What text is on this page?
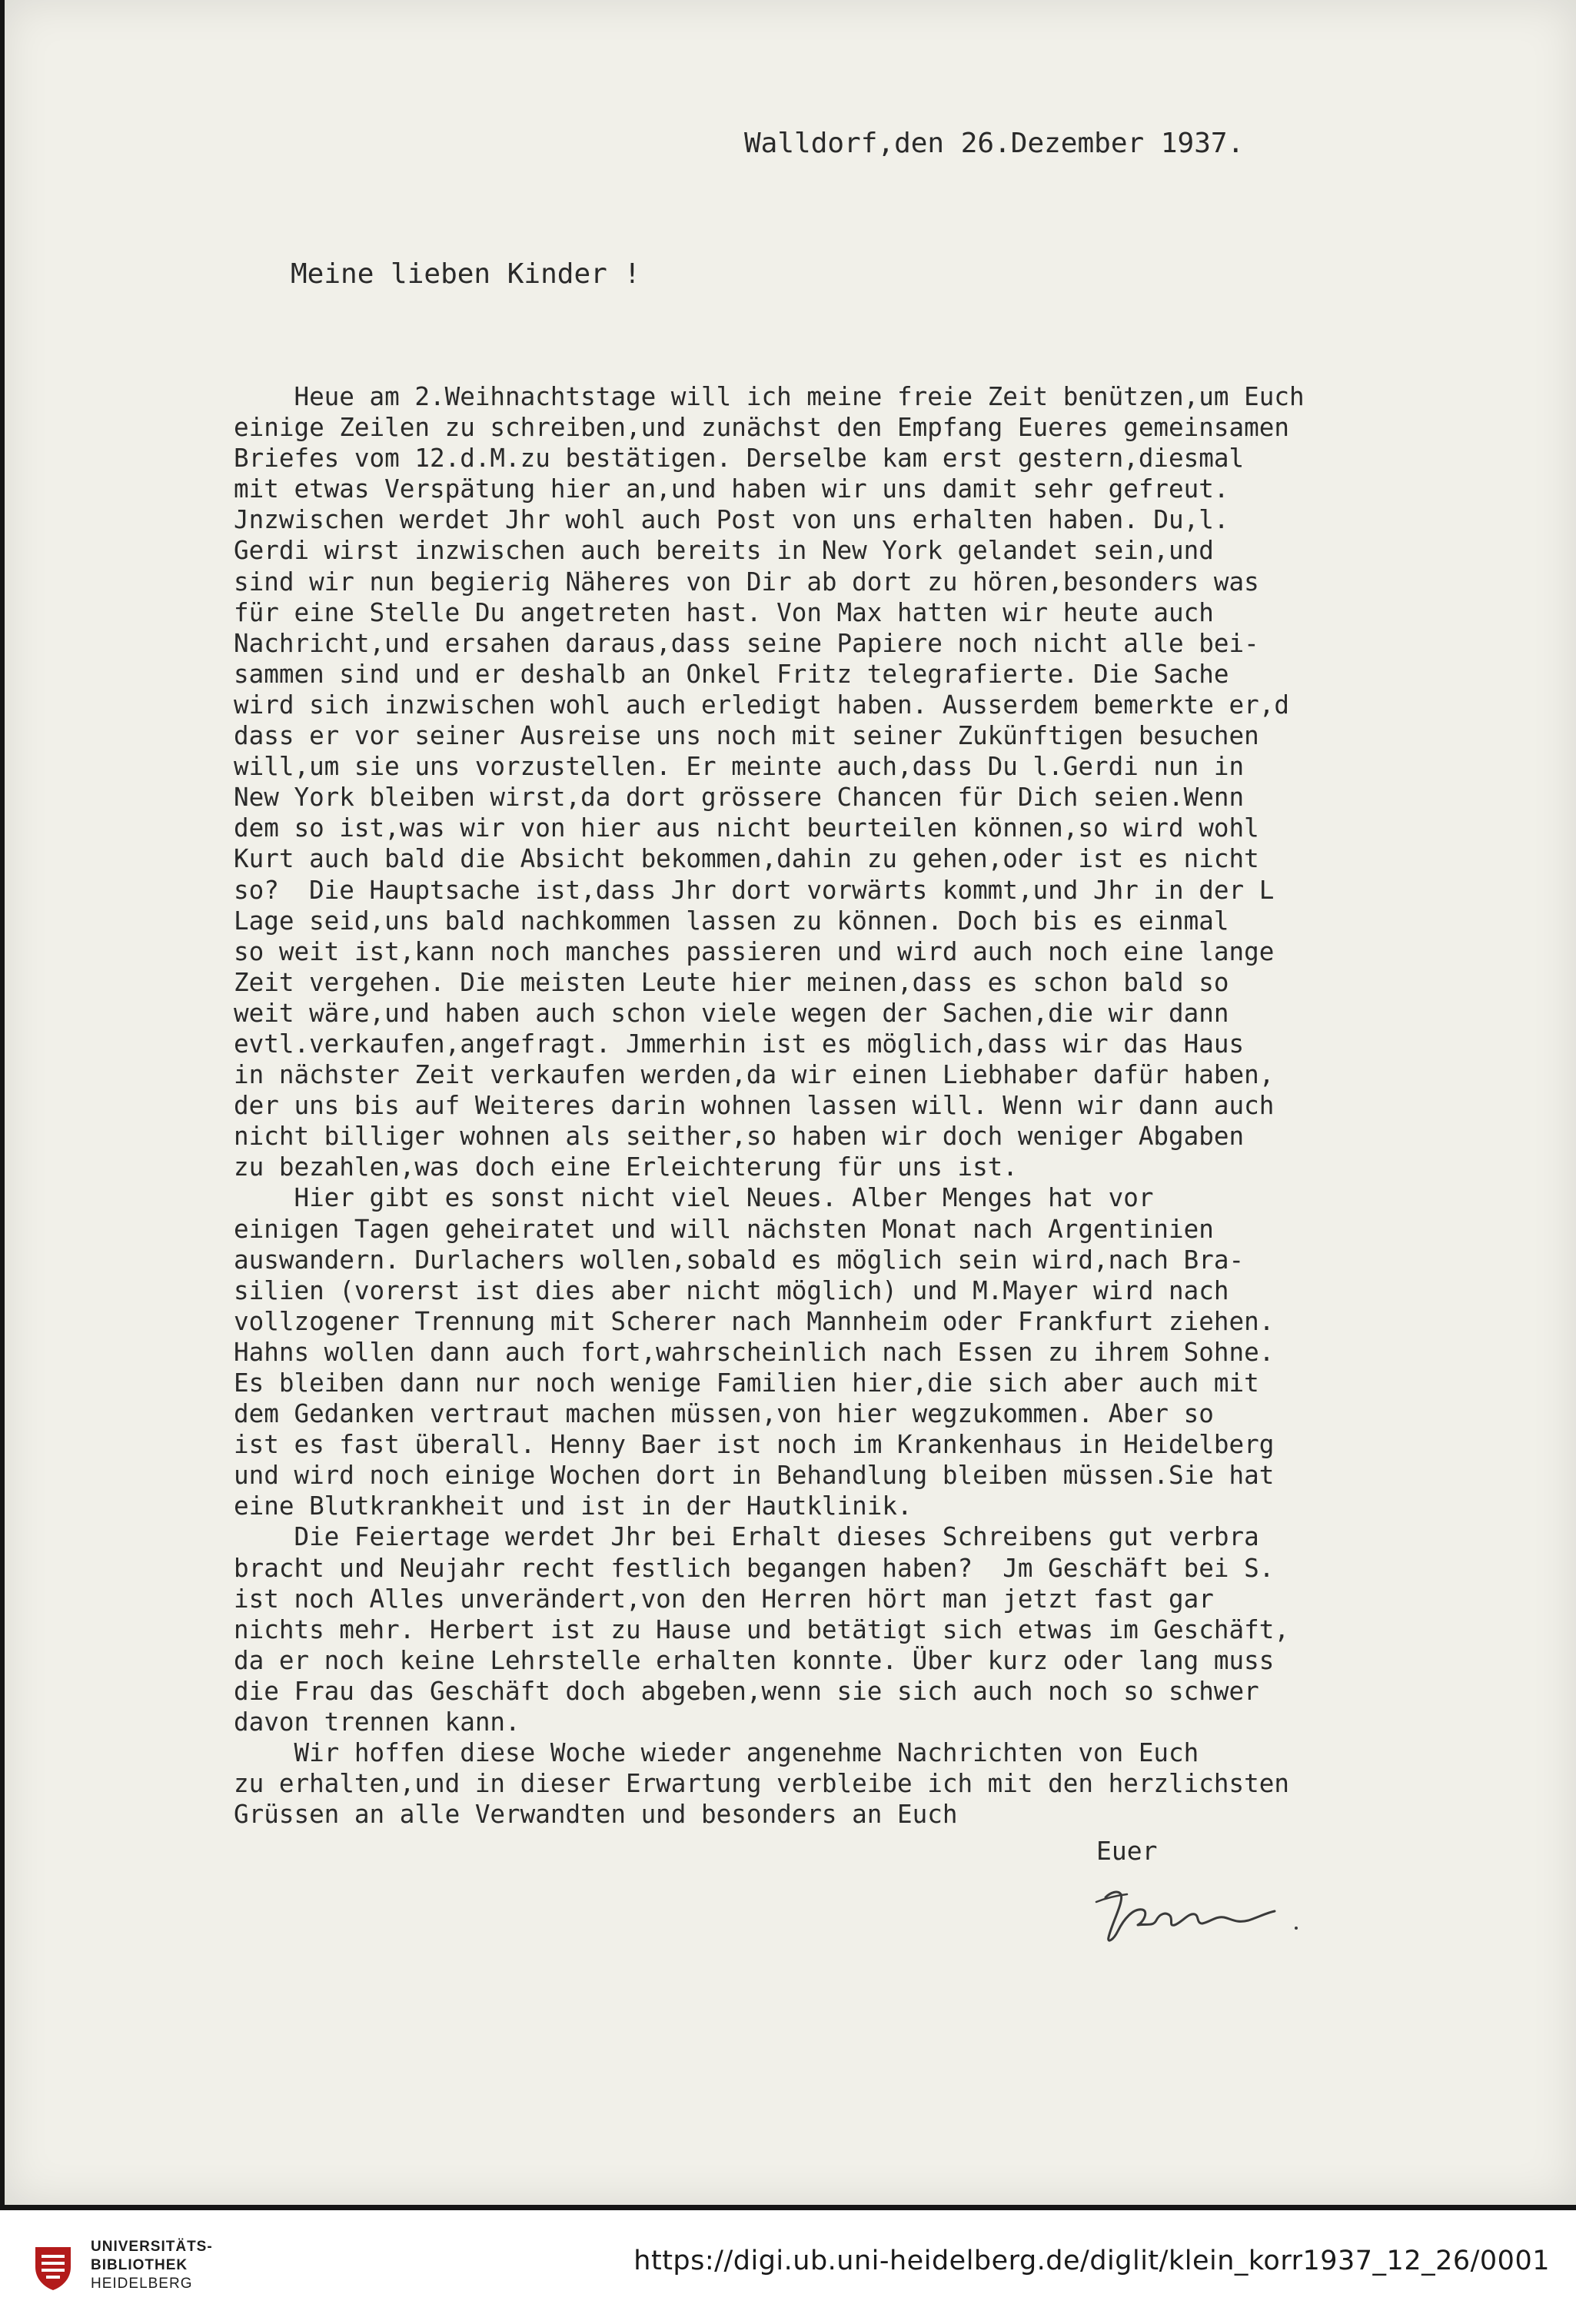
Walldorf,den 26.Dezember 1937.

Meine lieben Kinder !

Heue am 2.Weihnachtstage will ich meine freie Zeit benützen,um Euch
einige Zeilen zu schreiben,und zunächst den Empfang Eueres gemeinsamen
Briefes vom 12.d.M.zu bestätigen. Derselbe kam erst gestern,diesmal
mit etwas Verspätung hier an,und haben wir uns damit sehr gefreut.
Jnzwischen werdet Jhr wohl auch Post von uns erhalten haben. Du,l.
Gerdi wirst inzwischen auch bereits in New York gelandet sein,und
sind wir nun begierig Näheres von Dir ab dort zu hören,besonders was
für eine Stelle Du angetreten hast. Von Max hatten wir heute auch
Nachricht,und ersahen daraus,dass seine Papiere noch nicht alle bei-
sammen sind und er deshalb an Onkel Fritz telegrafierte. Die Sache
wird sich inzwischen wohl auch erledigt haben. Ausserdem bemerkte er,d
dass er vor seiner Ausreise uns noch mit seiner Zukünftigen besuchen
will,um sie uns vorzustellen. Er meinte auch,dass Du l.Gerdi nun in
New York bleiben wirst,da dort grössere Chancen für Dich seien.Wenn
dem so ist,was wir von hier aus nicht beurteilen können,so wird wohl
Kurt auch bald die Absicht bekommen,dahin zu gehen,oder ist es nicht
so?  Die Hauptsache ist,dass Jhr dort vorwärts kommt,und Jhr in der L
Lage seid,uns bald nachkommen lassen zu können. Doch bis es einmal
so weit ist,kann noch manches passieren und wird auch noch eine lange
Zeit vergehen. Die meisten Leute hier meinen,dass es schon bald so
weit wäre,und haben auch schon viele wegen der Sachen,die wir dann
evtl.verkaufen,angefragt. Jmmerhin ist es möglich,dass wir das Haus
in nächster Zeit verkaufen werden,da wir einen Liebhaber dafür haben,
der uns bis auf Weiteres darin wohnen lassen will. Wenn wir dann auch
nicht billiger wohnen als seither,so haben wir doch weniger Abgaben
zu bezahlen,was doch eine Erleichterung für uns ist.
Hier gibt es sonst nicht viel Neues. Alber Menges hat vor
einigen Tagen geheiratet und will nächsten Monat nach Argentinien
auswandern. Durlachers wollen,sobald es möglich sein wird,nach Bra-
silien (vorerst ist dies aber nicht möglich) und M.Mayer wird nach
vollzogener Trennung mit Scherer nach Mannheim oder Frankfurt ziehen.
Hahns wollen dann auch fort,wahrscheinlich nach Essen zu ihrem Sohne.
Es bleiben dann nur noch wenige Familien hier,die sich aber auch mit
dem Gedanken vertraut machen müssen,von hier wegzukommen. Aber so
ist es fast überall. Henny Baer ist noch im Krankenhaus in Heidelberg
und wird noch einige Wochen dort in Behandlung bleiben müssen.Sie hat
eine Blutkrankheit und ist in der Hautklinik.
Die Feiertage werdet Jhr bei Erhalt dieses Schreibens gut verbra
bracht und Neujahr recht festlich begangen haben?  Jm Geschäft bei S.
ist noch Alles unverändert,von den Herren hört man jetzt fast gar
nichts mehr. Herbert ist zu Hause und betätigt sich etwas im Geschäft,
da er noch keine Lehrstelle erhalten konnte. Über kurz oder lang muss
die Frau das Geschäft doch abgeben,wenn sie sich auch noch so schwer
davon trennen kann.
Wir hoffen diese Woche wieder angenehme Nachrichten von Euch
zu erhalten,und in dieser Erwartung verbleibe ich mit den herzlichsten
Grüssen an alle Verwandten und besonders an Euch

Euer

UNIVERSITÄTS-
BIBLIOTHEK
HEIDELBERG
https://digi.ub.uni-heidelberg.de/diglit/klein_korr1937_12_26/0001
